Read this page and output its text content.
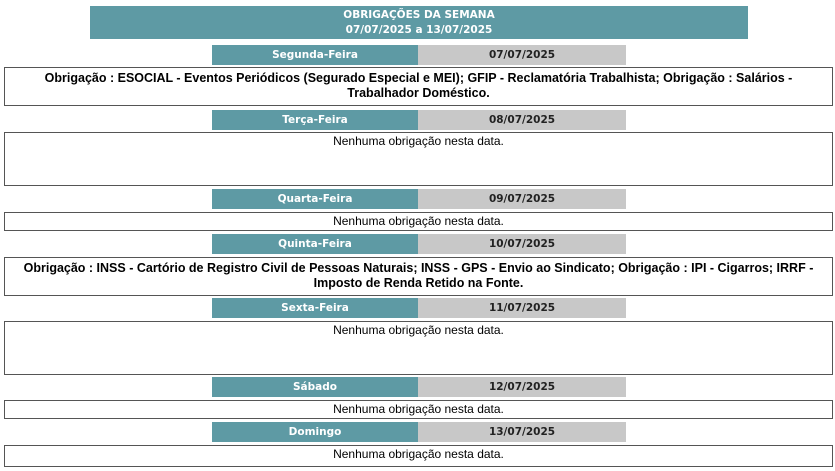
OBRIGAÇÕES DA SEMANA
07/07/2025 a 13/07/2025
Segunda-Feira	07/07/2025
Obrigação : ESOCIAL - Eventos Periódicos (Segurado Especial e MEI); GFIP - Reclamatória Trabalhista; Obrigação : Salários - Trabalhador Doméstico.
Terça-Feira	08/07/2025
Nenhuma obrigação nesta data.
Quarta-Feira	09/07/2025
Nenhuma obrigação nesta data.
Quinta-Feira	10/07/2025
Obrigação : INSS - Cartório de Registro Civil de Pessoas Naturais; INSS - GPS - Envio ao Sindicato; Obrigação : IPI - Cigarros; IRRF - Imposto de Renda Retido na Fonte.
Sexta-Feira	11/07/2025
Nenhuma obrigação nesta data.
Sábado	12/07/2025
Nenhuma obrigação nesta data.
Domingo	13/07/2025
Nenhuma obrigação nesta data.
